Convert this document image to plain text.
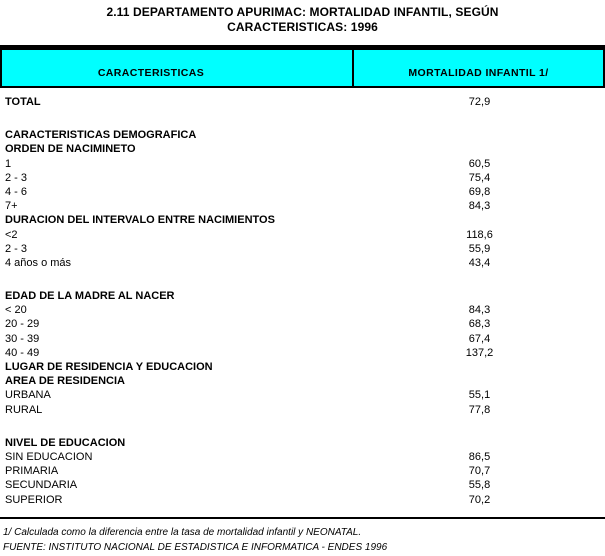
2.11 DEPARTAMENTO APURIMAC: MORTALIDAD INFANTIL, SEGÚN
CARACTERISTICAS: 1996
CARACTERISTICAS	MORTALIDAD INFANTIL 1/
TOTAL	72,9
CARACTERISTICAS DEMOGRAFICA
ORDEN DE NACIMINETO
1	60,5
2 - 3	75,4
4 - 6	69,8
7+	84,3
DURACION DEL INTERVALO ENTRE NACIMIENTOS
<2	118,6
2 - 3	55,9
4 años o más	43,4
EDAD DE LA MADRE AL NACER
< 20	84,3
20 - 29	68,3
30 - 39	67,4
40 - 49	137,2
LUGAR DE RESIDENCIA Y EDUCACION
AREA DE RESIDENCIA
URBANA	55,1
RURAL	77,8
NIVEL DE EDUCACION
SIN EDUCACION	86,5
PRIMARIA	70,7
SECUNDARIA	55,8
SUPERIOR	70,2
1/ Calculada como la diferencia entre la tasa de mortalidad infantil y NEONATAL.
FUENTE: INSTITUTO NACIONAL DE ESTADISTICA E INFORMATICA - ENDES 1996
